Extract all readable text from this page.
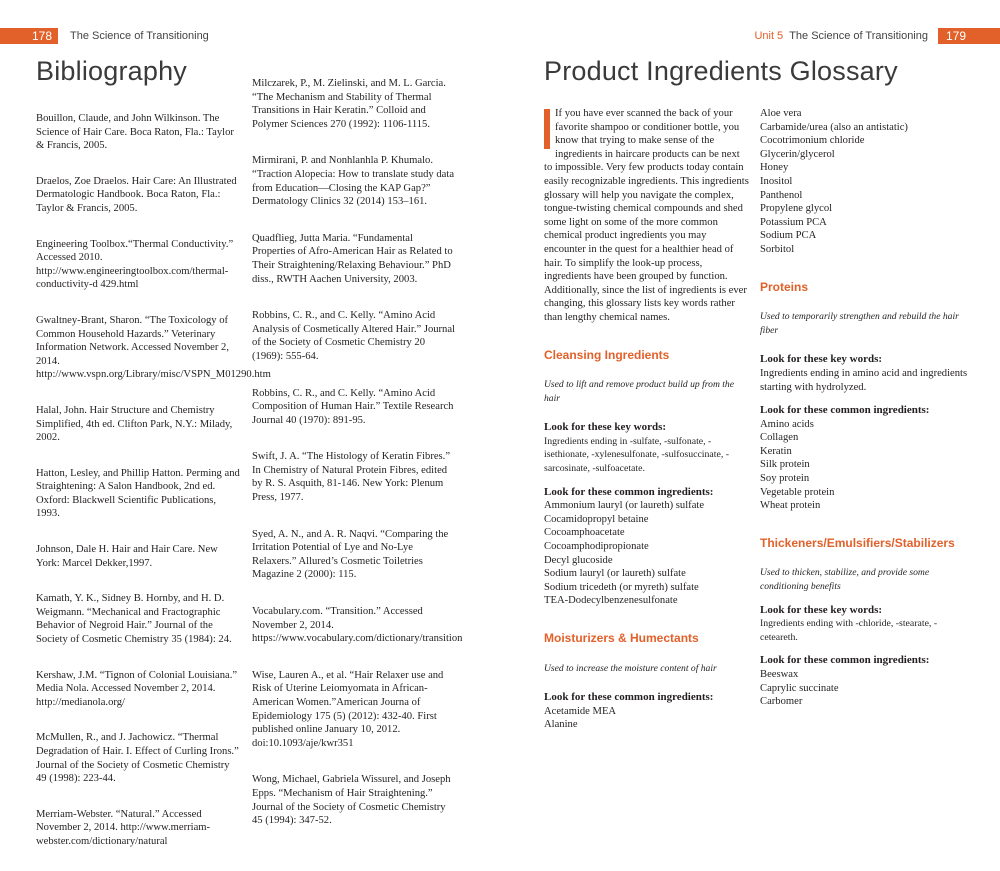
178	The Science of Transitioning
Bibliography

Bouillon, Claude, and John Wilkinson. The Science of Hair Care. Boca Raton, Fla.: Taylor & Francis, 2005.

Draelos, Zoe Draelos. Hair Care: An Illustrated Dermatologic Handbook. Boca Raton, Fla.: Taylor & Francis, 2005.

Engineering Toolbox.“Thermal Conductivity.” Accessed 2010. http://www.engineeringtoolbox.com/thermal-conductivity-d 429.html

Gwaltney-Brant, Sharon. “The Toxicology of Common Household Hazards.” Veterinary Information Network. Accessed November 2, 2014. http://www.vspn.org/Library/misc/VSPN_M01290.htm

Halal, John. Hair Structure and Chemistry Simplified, 4th ed. Clifton Park, N.Y.: Milady, 2002.

Hatton, Lesley, and Phillip Hatton. Perming and Straightening: A Salon Handbook, 2nd ed. Oxford: Blackwell Scientific Publications, 1993.

Johnson, Dale H. Hair and Hair Care. New York: Marcel Dekker,1997.

Kamath, Y. K., Sidney B. Hornby, and H. D. Weigmann. “Mechanical and Fractographic Behavior of Negroid Hair.” Journal of the Society of Cosmetic Chemistry 35 (1984): 24.

Kershaw, J.M. “Tignon of Colonial Louisiana.” Media Nola. Accessed November 2, 2014. http://medianola.org/

McMullen, R., and J. Jachowicz. “Thermal Degradation of Hair. I. Effect of Curling Irons.” Journal of the Society of Cosmetic Chemistry 49 (1998): 223-44.

Merriam-Webster. “Natural.” Accessed November 2, 2014. http://www.merriam-webster.com/dictionary/natural

Milczarek, P., M. Zielinski, and M. L. Garcia. “The Mechanism and Stability of Thermal Transitions in Hair Keratin.” Colloid and Polymer Sciences 270 (1992): 1106-1115.

Mirmirani, P. and Nonhlanhla P. Khumalo. “Traction Alopecia: How to translate study data from Education—Closing the KAP Gap?” Dermatology Clinics 32 (2014) 153–161.

Quadflieg, Jutta Maria. “Fundamental Properties of Afro-American Hair as Related to Their Straightening/Relaxing Behaviour.” PhD diss., RWTH Aachen University, 2003.

Robbins, C. R., and C. Kelly. “Amino Acid Analysis of Cosmetically Altered Hair.” Journal of the Society of Cosmetic Chemistry 20 (1969): 555-64.

Robbins, C. R., and C. Kelly. “Amino Acid Composition of Human Hair.” Textile Research Journal 40 (1970): 891-95.

Swift, J. A. “The Histology of Keratin Fibres.” In Chemistry of Natural Protein Fibres, edited by R. S. Asquith, 81-146. New York: Plenum Press, 1977.

Syed, A. N., and A. R. Naqvi. “Comparing the Irritation Potential of Lye and No-Lye Relaxers.” Allured’s Cosmetic Toiletries Magazine 2 (2000): 115.

Vocabulary.com. “Transition.” Accessed November 2, 2014. https://www.vocabulary.com/dictionary/transition

Wise, Lauren A., et al. “Hair Relaxer use and Risk of Uterine Leiomyomata in African-American Women.”American Journa of Epidemiology 175 (5) (2012): 432-40. First published online January 10, 2012. doi:10.1093/aje/kwr351

Wong, Michael, Gabriela Wissurel, and Joseph Epps. “Mechanism of Hair Straightening.” Journal of the Society of Cosmetic Chemistry 45 (1994): 347-52.

Unit 5 The Science of Transitioning	179
Product Ingredients Glossary

If you have ever scanned the back of your favorite shampoo or conditioner bottle, you know that trying to make sense of the ingredients in haircare products can be next to impossible. Very few products today contain easily recognizable ingredients. This ingredients glossary will help you navigate the complex, tongue-twisting chemical compounds and shed some light on some of the more common chemical product ingredients you may encounter in the quest for a healthier head of hair. To simplify the look-up process, ingredients have been grouped by function. Additionally, since the list of ingredients is ever changing, this glossary lists key words rather than lengthy chemical names.

Cleansing Ingredients

Used to lift and remove product build up from the hair

Look for these key words:

Ingredients ending in -sulfate, -sulfonate, -isethionate, -xylenesulfonate, -sulfosuccinate, -sarcosinate, -sulfoacetate.

Look for these common ingredients:

Ammonium lauryl (or laureth) sulfate
Cocamidopropyl betaine
Cocoamphoacetate
Cocoamphodipropionate
Decyl glucoside
Sodium lauryl (or laureth) sulfate
Sodium tricedeth (or myreth) sulfate
TEA-Dodecylbenzenesulfonate
Moisturizers & Humectants

Used to increase the moisture content of hair

Look for these common ingredients:

Acetamide MEA
Alanine
Aloe vera
Carbamide/urea (also an antistatic)
Cocotrimonium chloride
Glycerin/glycerol
Honey
Inositol
Panthenol
Propylene glycol
Potassium PCA
Sodium PCA
Sorbitol
Proteins

Used to temporarily strengthen and rebuild the hair fiber

Look for these key words:

Ingredients ending in amino acid and ingredients starting with hydrolyzed.

Look for these common ingredients:

Amino acids
Collagen
Keratin
Silk protein
Soy protein
Vegetable protein
Wheat protein
Thickeners/Emulsifiers/Stabilizers

Used to thicken, stabilize, and provide some conditioning benefits

Look for these key words:

Ingredients ending with -chloride, -stearate, -ceteareth.

Look for these common ingredients:

Beeswax
Caprylic succinate
Carbomer
